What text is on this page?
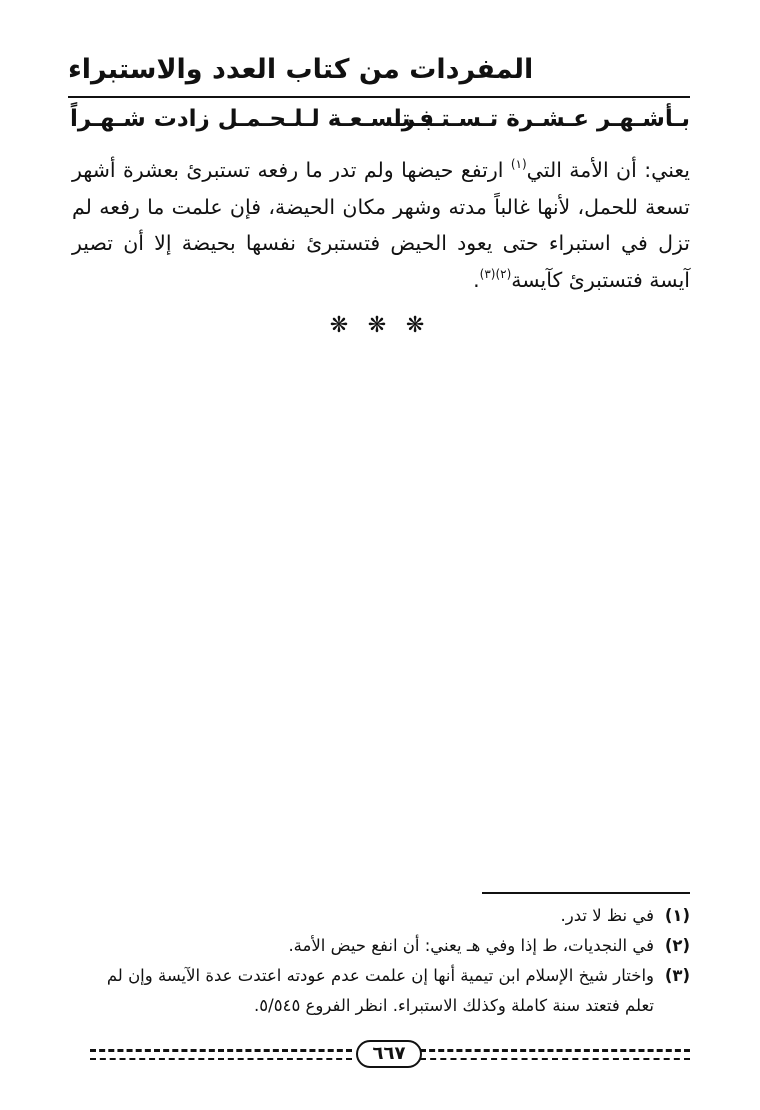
المفردات من كتاب العدد والاستبراء
بـأشـهـر عـشـرة تـسـتـبـرا
فـتـسـعـة لـلـحـمـل زادت شـهـراً

يعني: أن الأمة التي$^{(١)}$ ارتفع حيضها ولم تدر ما رفعه تستبرئ بعشرة أشهر تسعة للحمل، لأنها غالباً مدته وشهر مكان الحيضة، فإن علمت ما رفعه لم تزل في استبراء حتى يعود الحيض فتستبرئ نفسها بحيضة إلا أن تصير آيسة فتستبرئ كآيسة$^{(٢)(٣)}$.

❋ ❋ ❋
(١)
في نظ لا تدر.
(٢)
في النجديات، ط إذا وفي هـ يعني: أن انفع حيض الأمة.
(٣)
واختار شيخ الإسلام ابن تيمية أنها إن علمت عدم عودته اعتدت عدة الآيسة وإن لم تعلم فتعتد سنة كاملة وكذلك الاستبراء. انظر الفروع ٥/٥٤٥.
٦٦٧
